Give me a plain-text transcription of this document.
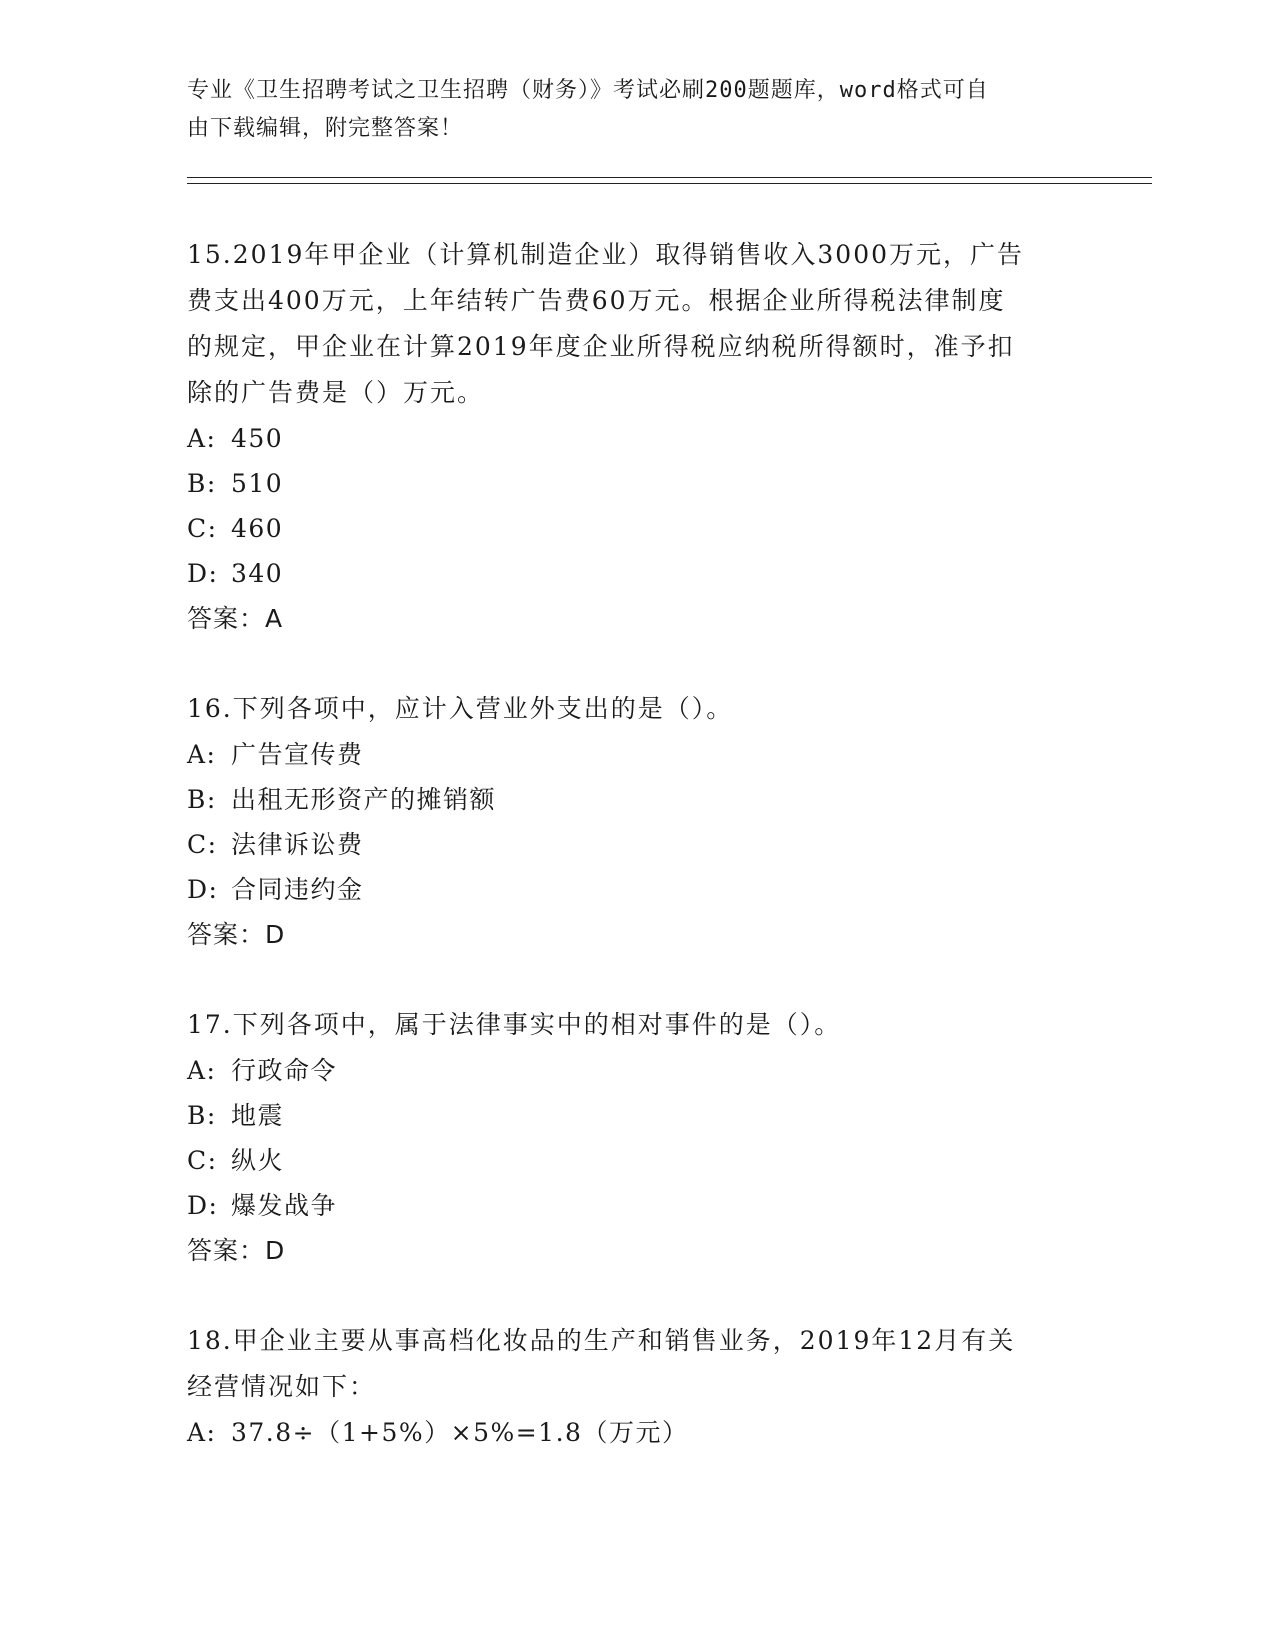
专业《卫生招聘考试之卫生招聘（财务）》考试必刷200题题库，word格式可自
由下载编辑，附完整答案！
15.2019年甲企业（计算机制造企业）取得销售收入3000万元，广告
费支出400万元，上年结转广告费60万元。根据企业所得税法律制度
的规定，甲企业在计算2019年度企业所得税应纳税所得额时，准予扣
除的广告费是（）万元。
A: 450
B: 510
C: 460
D: 340
答案：A
16.下列各项中，应计入营业外支出的是（）。
A: 广告宣传费
B: 出租无形资产的摊销额
C: 法律诉讼费
D: 合同违约金
答案：D
17.下列各项中，属于法律事实中的相对事件的是（）。
A: 行政命令
B: 地震
C: 纵火
D: 爆发战争
答案：D
18.甲企业主要从事高档化妆品的生产和销售业务，2019年12月有关
经营情况如下：
A: 37.8÷（1+5%）×5%=1.8（万元）
